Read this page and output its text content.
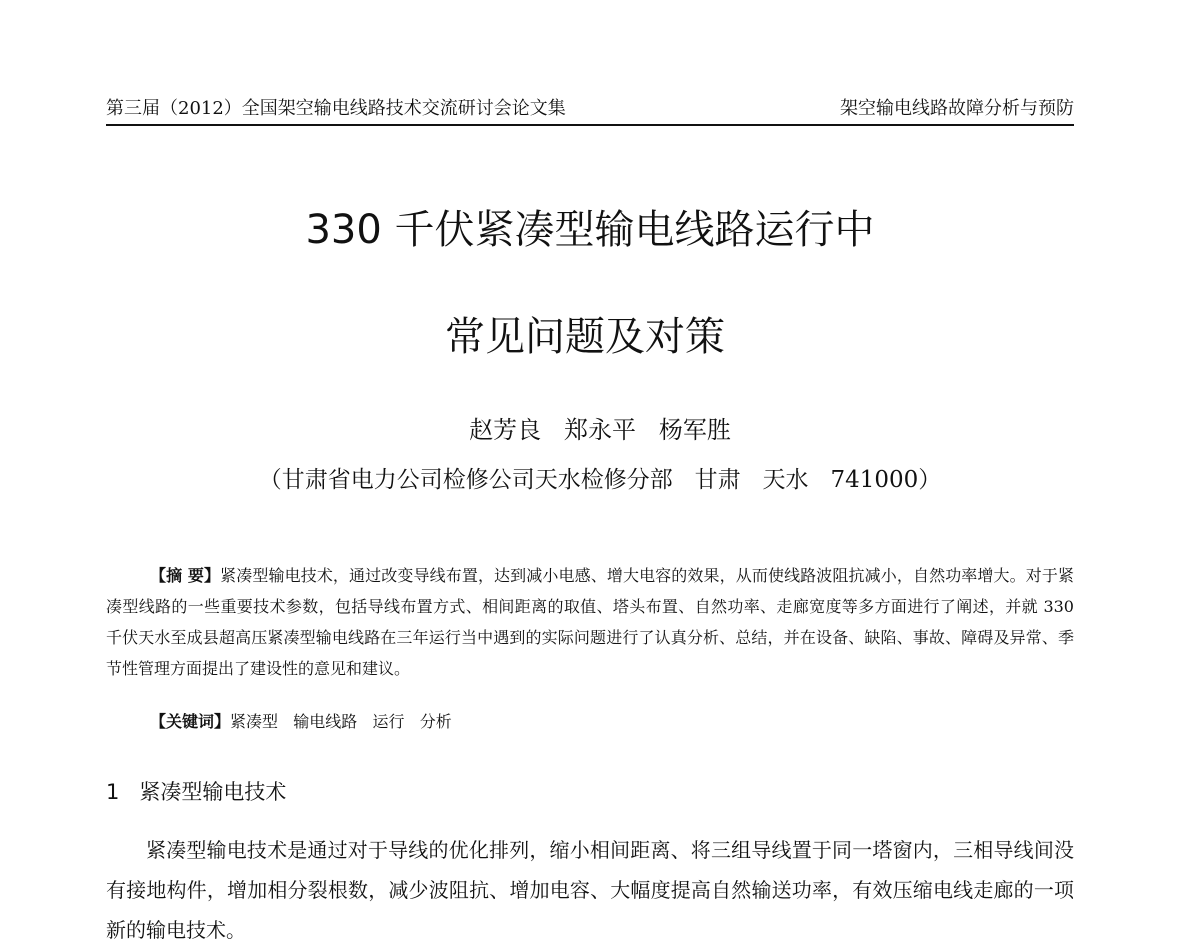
第三届（2012）全国架空输电线路技术交流研讨会论文集	架空输电线路故障分析与预防
330 千伏紧凑型输电线路运行中
常见问题及对策
赵芳良   郑永平   杨军胜
（甘肃省电力公司检修公司天水检修分部   甘肃   天水   741000）
【摘 要】紧凑型输电技术，通过改变导线布置，达到减小电感、增大电容的效果，从而使线路波阻抗减小，自然功率增大。对于紧凑型线路的一些重要技术参数，包括导线布置方式、相间距离的取值、塔头布置、自然功率、走廊宽度等多方面进行了阐述，并就 330 千伏天水至成县超高压紧凑型输电线路在三年运行当中遇到的实际问题进行了认真分析、总结，并在设备、缺陷、事故、障碍及异常、季节性管理方面提出了建设性的意见和建议。
【关键词】紧凑型   输电线路   运行   分析
1   紧凑型输电技术
紧凑型输电技术是通过对于导线的优化排列，缩小相间距离、将三组导线置于同一塔窗内，三相导线间没有接地构件，增加相分裂根数，减少波阻抗、增加电容、大幅度提高自然输送功率，有效压缩电线走廊的一项新的输电技术。
